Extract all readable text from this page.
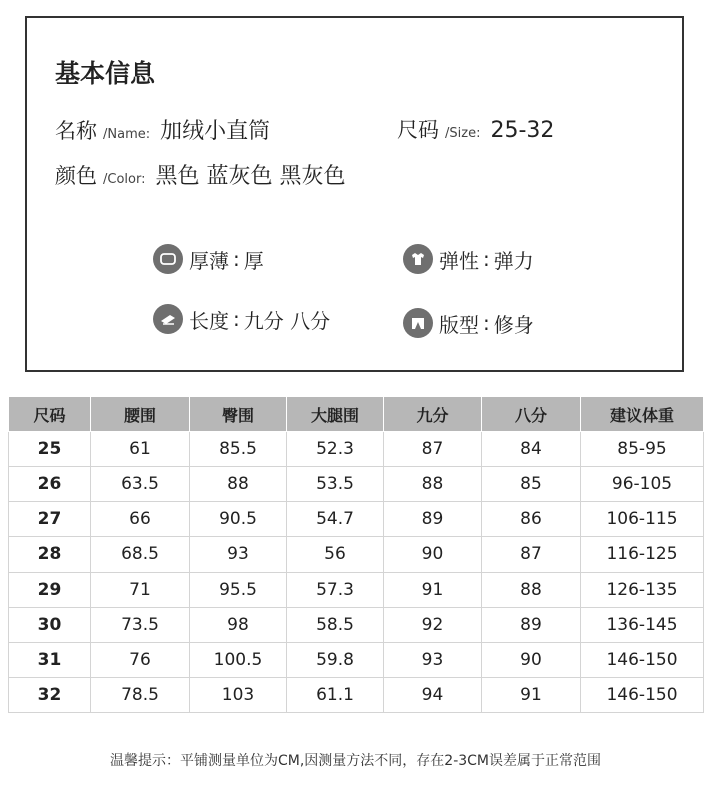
基本信息
名称 /Name: 加绒小直筒	尺码 /Size: 25-32
颜色 /Color: 黑色 蓝灰色 黑灰色
厚薄 : 厚	弹性 : 弹力
长度 : 九分 八分	版型 : 修身
尺码	腰围	臀围	大腿围	九分	八分	建议体重
25	61	85.5	52.3	87	84	85-95
26	63.5	88	53.5	88	85	96-105
27	66	90.5	54.7	89	86	106-115
28	68.5	93	56	90	87	116-125
29	71	95.5	57.3	91	88	126-135
30	73.5	98	58.5	92	89	136-145
31	76	100.5	59.8	93	90	146-150
32	78.5	103	61.1	94	91	146-150
温馨提示：平铺测量单位为CM,因测量方法不同，存在2-3CM误差属于正常范围
